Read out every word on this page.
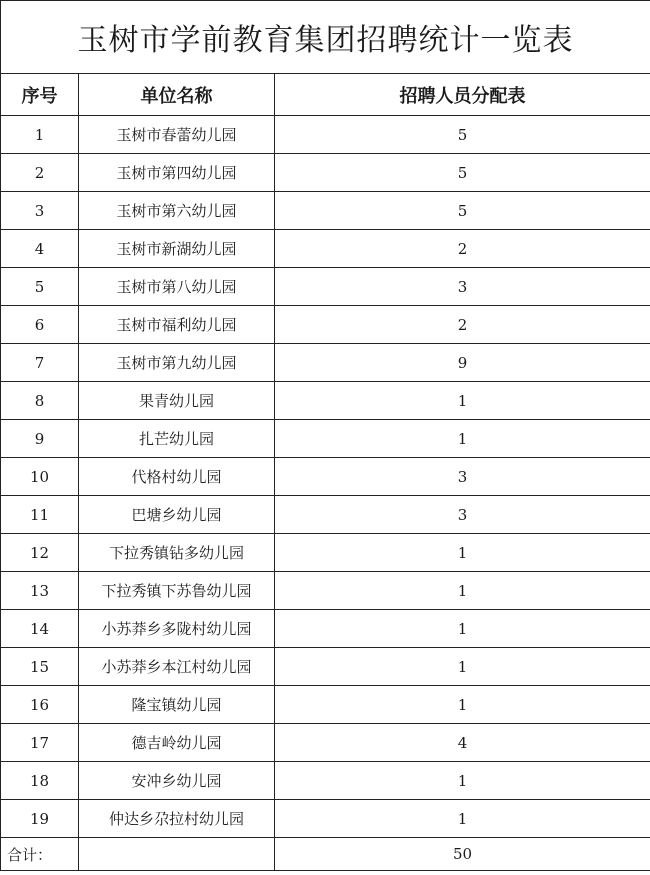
玉树市学前教育集团招聘统计一览表		
序号	单位名称	招聘人员分配表
1	玉树市春蕾幼儿园	5
2	玉树市第四幼儿园	5
3	玉树市第六幼儿园	5
4	玉树市新湖幼儿园	2
5	玉树市第八幼儿园	3
6	玉树市福利幼儿园	2
7	玉树市第九幼儿园	9
8	果青幼儿园	1
9	扎芒幼儿园	1
10	代格村幼儿园	3
11	巴塘乡幼儿园	3
12	下拉秀镇钻多幼儿园	1
13	下拉秀镇下苏鲁幼儿园	1
14	小苏莽乡多陇村幼儿园	1
15	小苏莽乡本江村幼儿园	1
16	隆宝镇幼儿园	1
17	德吉岭幼儿园	4
18	安冲乡幼儿园	1
19	仲达乡尕拉村幼儿园	1
合计：		50
